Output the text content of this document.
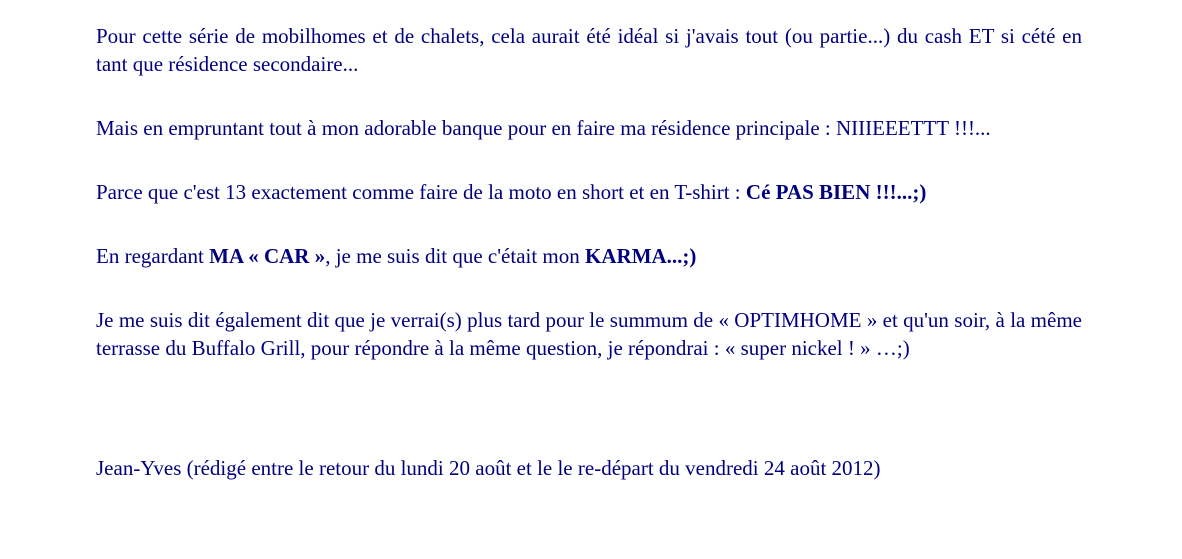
Pour cette série de mobilhomes et de chalets, cela aurait été idéal si j'avais tout (ou partie...) du cash ET si cété en tant que résidence secondaire...

Mais en empruntant tout à mon adorable banque pour en faire ma résidence principale : NIIIEEETTT !!!...

Parce que c'est 13 exactement comme faire de la moto en short et en T-shirt : Cé PAS BIEN !!!...;)

En regardant MA « CAR », je me suis dit que c'était mon KARMA...;)

Je me suis dit également dit que je verrai(s) plus tard pour le summum de « OPTIMHOME » et qu'un soir, à la même terrasse du Buffalo Grill, pour répondre à la même question, je répondrai : « super nickel ! » …;)

Jean-Yves (rédigé entre le retour du lundi 20 août et le le re-départ du vendredi 24 août 2012)
